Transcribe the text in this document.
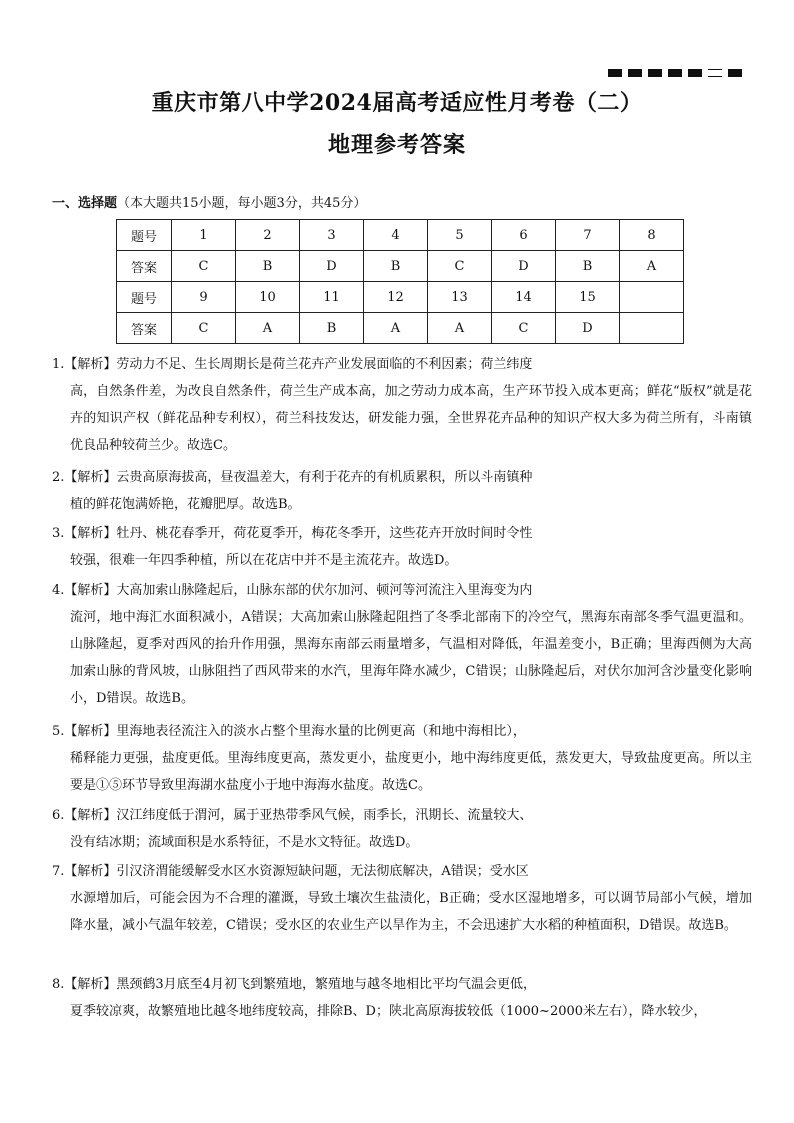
重庆市第八中学2024届高考适应性月考卷（二）
地理参考答案
一、选择题（本大题共15小题，每小题3分，共45分）
题号	1	2	3	4	5	6	7	8
答案	C	B	D	B	C	D	B	A
题号	9	10	11	12	13	14	15	
答案	C	A	B	A	A	C	D	

1.【解析】劳动力不足、生长周期长是荷兰花卉产业发展面临的不利因素；荷兰纬度

高，自然条件差，为改良自然条件，荷兰生产成本高，加之劳动力成本高，生产环节投入成本更高；鲜花“版权”就是花卉的知识产权（鲜花品种专利权），荷兰科技发达，研发能力强，全世界花卉品种的知识产权大多为荷兰所有，斗南镇优良品种较荷兰少。故选C。

2.【解析】云贵高原海拔高，昼夜温差大，有利于花卉的有机质累积，所以斗南镇种

植的鲜花饱满娇艳，花瓣肥厚。故选B。

3.【解析】牡丹、桃花春季开，荷花夏季开，梅花冬季开，这些花卉开放时间时令性

较强，很难一年四季种植，所以在花店中并不是主流花卉。故选D。

4.【解析】大高加索山脉隆起后，山脉东部的伏尔加河、顿河等河流注入里海变为内

流河，地中海汇水面积减小，A错误；大高加索山脉隆起阻挡了冬季北部南下的冷空气，黑海东南部冬季气温更温和。山脉隆起，夏季对西风的抬升作用强，黑海东南部云雨量增多，气温相对降低，年温差变小，B正确；里海西侧为大高加索山脉的背风坡，山脉阻挡了西风带来的水汽，里海年降水减少，C错误；山脉隆起后，对伏尔加河含沙量变化影响小，D错误。故选B。

5.【解析】里海地表径流注入的淡水占整个里海水量的比例更高（和地中海相比），

稀释能力更强，盐度更低。里海纬度更高，蒸发更小，盐度更小，地中海纬度更低，蒸发更大，导致盐度更高。所以主要是①⑤环节导致里海湖水盐度小于地中海海水盐度。故选C。

6.【解析】汉江纬度低于渭河，属于亚热带季风气候，雨季长，汛期长、流量较大、

没有结冰期；流域面积是水系特征，不是水文特征。故选D。

7.【解析】引汉济渭能缓解受水区水资源短缺问题，无法彻底解决，A错误；受水区

水源增加后，可能会因为不合理的灌溉，导致土壤次生盐渍化，B正确；受水区湿地增多，可以调节局部小气候，增加降水量，减小气温年较差，C错误；受水区的农业生产以旱作为主，不会迅速扩大水稻的种植面积，D错误。故选B。

8.【解析】黑颈鹤3月底至4月初飞到繁殖地，繁殖地与越冬地相比平均气温会更低，

夏季较凉爽，故繁殖地比越冬地纬度较高，排除B、D；陕北高原海拔较低（1000~2000米左右），降水较少，
